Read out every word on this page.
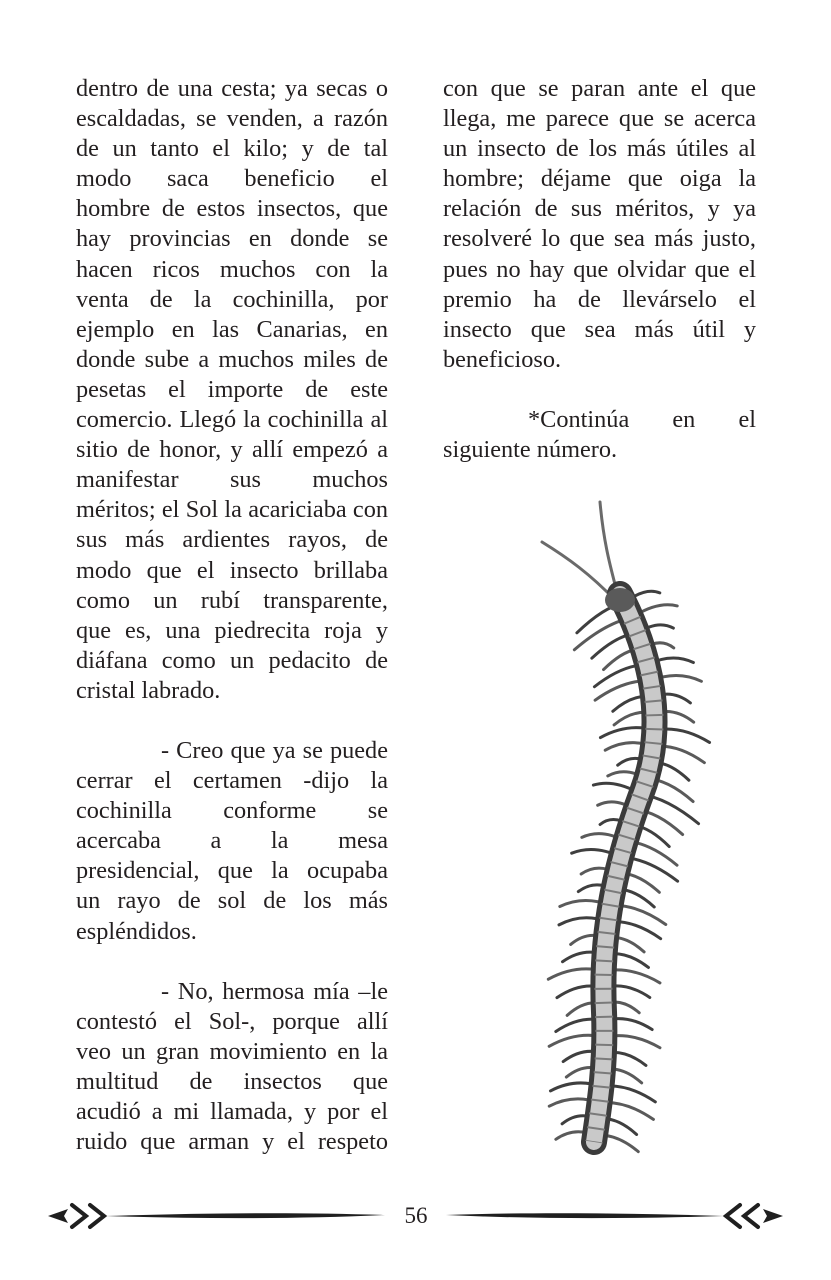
dentro de una cesta; ya secas o
escaldadas, se venden, a razón
de un tanto el kilo; y de tal
modo saca beneficio el
hombre de estos insectos, que
hay provincias en donde se
hacen ricos muchos con la
venta de la cochinilla, por
ejemplo en las Canarias, en
donde sube a muchos miles de
pesetas el importe de este
comercio. Llegó la cochinilla al
sitio de honor, y allí empezó a
manifestar sus muchos
méritos; el Sol la acariciaba con
sus más ardientes rayos, de
modo que el insecto brillaba
como un rubí transparente,
que es, una piedrecita roja y
diáfana como un pedacito de
cristal labrado.

- Creo que ya se puede
cerrar el certamen -dijo la
cochinilla conforme se
acercaba a la mesa
presidencial, que la ocupaba
un rayo de sol de los más
espléndidos.

- No, hermosa mía –le
contestó el Sol-, porque allí
veo un gran movimiento en la
multitud de insectos que
acudió a mi llamada, y por el
ruido que arman y el respeto

con que se paran ante el que
llega, me parece que se acerca
un insecto de los más útiles al
hombre; déjame que oiga la
relación de sus méritos, y ya
resolveré lo que sea más justo,
pues no hay que olvidar que el
premio ha de llevárselo el
insecto que sea más útil y
beneficioso.

*Continúa en el
siguiente número.

56
